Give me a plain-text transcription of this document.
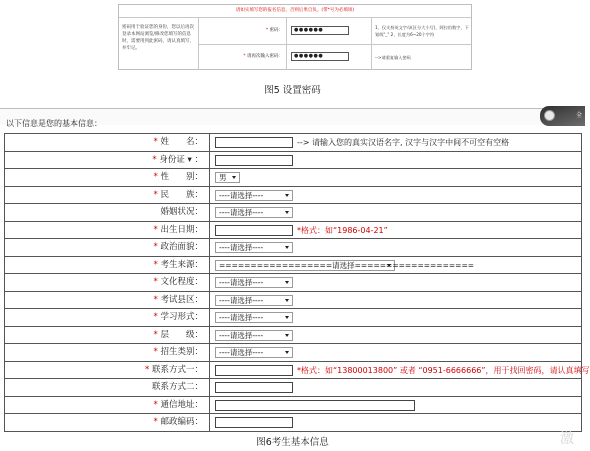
请如实填写您的报名信息，否则后果自负。(带*号为必填项)
密码用于验证您的身份，您以后再次登录本网站浏览/修改您填写的信息时，需要用到此密码，请认真填写，并牢记。
* 密码：	●●●●●●	1、仅支持英文字母(区分大小写)，阿拉伯数字，下划线"_" 2、长度为6~20个字符
* 请再次输入密码：	●●●●●●	-->请重复输入密码
图5 设置密码
以下信息是您的基本信息：
全
* 姓　　名：	--> 请输入您的真实汉语名字, 汉字与汉字中间不可空有空格
* 身份证 ▾ ：
* 性　　别：	男
* 民　　族：	----请选择----
婚姻状况：	----请选择----
* 出生日期：	*格式：如“1986-04-21”
* 政治面貌：	----请选择----
* 考生来源：	==================请选择===================
* 文化程度：	----请选择----
* 考试县区：	----请选择----
* 学习形式：	----请选择----
* 层　　级：	----请选择----
* 招生类别：	----请选择----
* 联系方式一：	*格式：如“13800013800” 或者 “0951-6666666”，用于找回密码，请认真填写
联系方式二：
* 通信地址：
* 邮政编码：
图6考生基本信息	激
